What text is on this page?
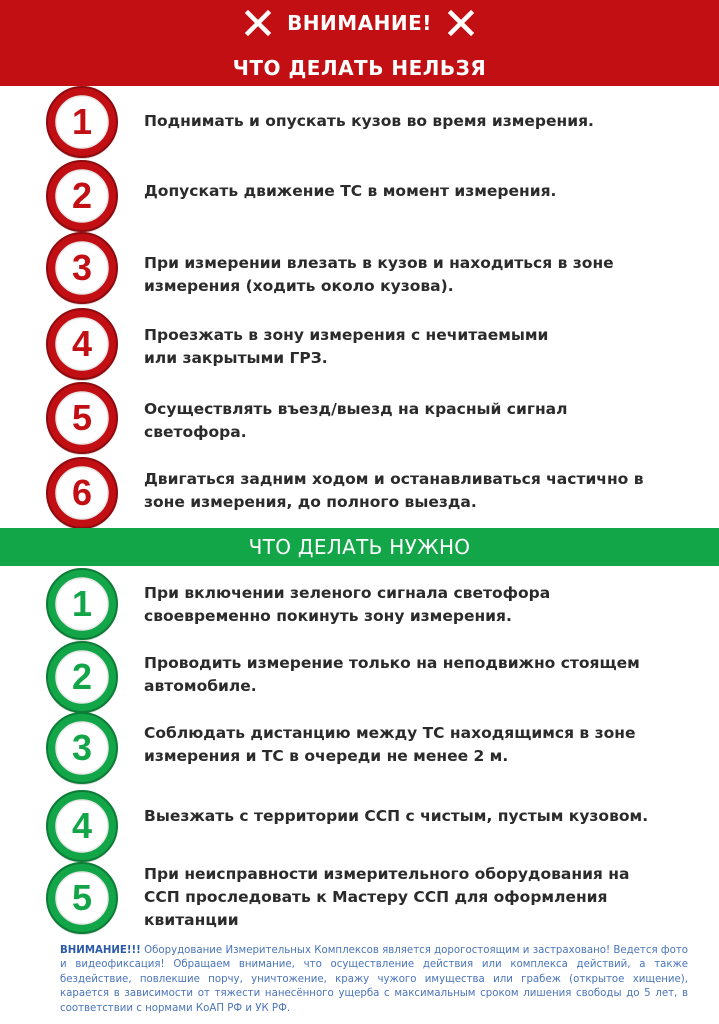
ВНИМАНИЕ!
ЧТО ДЕЛАТЬ НЕЛЬЗЯ
1	Поднимать и опускать кузов во время измерения.
2	Допускать движение ТС в момент измерения.
3	При измерении влезать в кузов и находиться в зоне
измерения (ходить около кузова).
4	Проезжать в зону измерения с нечитаемыми
или закрытыми ГРЗ.
5	Осуществлять въезд/выезд на красный сигнал
светофора.
6	Двигаться задним ходом и останавливаться частично в
зоне измерения, до полного выезда.
ЧТО ДЕЛАТЬ НУЖНО
1	При включении зеленого сигнала светофора
своевременно покинуть зону измерения.
2	Проводить измерение только на неподвижно стоящем
автомобиле.
3	Соблюдать дистанцию между ТС находящимся в зоне
измерения и ТС в очереди не менее 2 м.
4	Выезжать с территории ССП с чистым, пустым кузовом.
5
При неисправности измерительного оборудования на
ССП проследовать к Мастеру ССП для оформления
квитанции
ВНИМАНИЕ!!! Оборудование Измерительных Комплексов является дорогостоящим и застраховано! Ведется фото и видеофиксация! Обращаем внимание, что осуществление действия или комплекса действий, а также бездействие, повлекшие порчу, уничтожение, кражу чужого имущества или грабеж (открытое хищение), карается в зависимости от тяжести нанесённого ущерба с максимальным сроком лишения свободы до 5 лет, в соответствии с нормами КоАП РФ и УК РФ.
